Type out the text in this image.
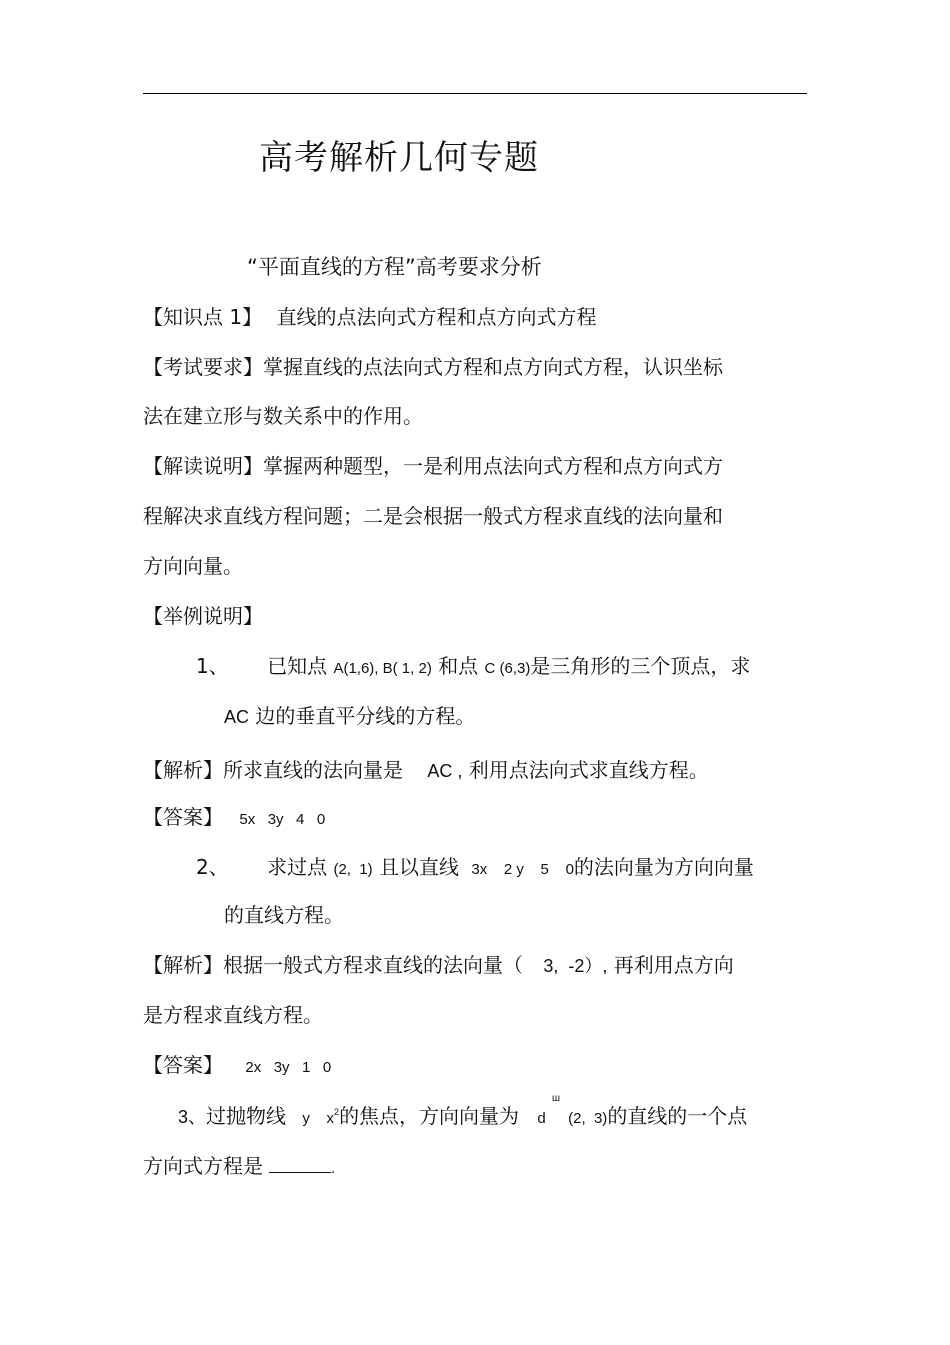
高考解析几何专题
“平面直线的方程”高考要求分析
【知识点 1】 直线的点法向式方程和点方向式方程
【考试要求】掌握直线的点法向式方程和点方向式方程，认识坐标
法在建立形与数关系中的作用。
【解读说明】掌握两种题型，一是利用点法向式方程和点方向式方
程解决求直线方程问题；二是会根据一般式方程求直线的法向量和
方向向量。
【举例说明】
1、 已知点 A(1,6), B( 1, 2) 和点 C (6,3)是三角形的三个顶点，求
AC 边的垂直平分线的方程。
【解析】所求直线的法向量是 AC , 利用点法向式求直线方程。
【答案】 5x   3y   4   0
2、 求过点 (2,  1) 且以直线 3x    2 y    5    0的法向量为方向向量
的直线方程。
【解析】根据一般式方程求直线的法向量（ 3,  -2）, 再利用点方向
是方程求直线方程。
【答案】 2x   3y   1   0
ш
3、过抛物线 y    $x^2$的焦点，方向向量为 d (2,  3)的直线的一个点
方向式方程是	.
